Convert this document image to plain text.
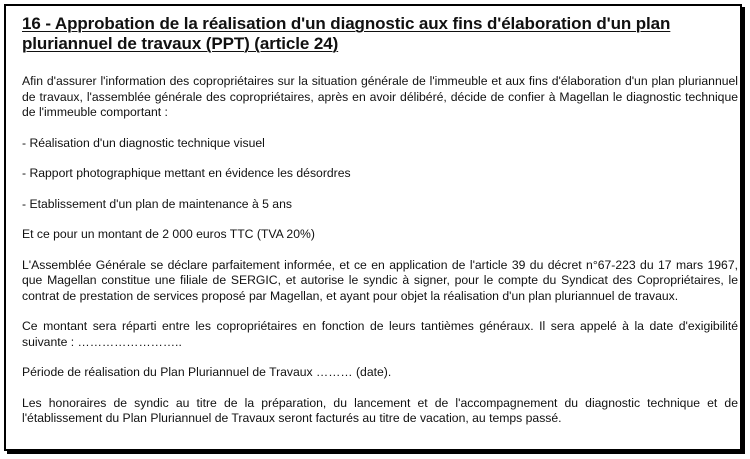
16 - Approbation de la réalisation d'un diagnostic aux fins d'élaboration d'un plan pluriannuel de travaux (PPT) (article 24)

Afin d'assurer l'information des copropriétaires sur la situation générale de l'immeuble et aux fins d'élaboration d'un plan pluriannuel de travaux, l'assemblée générale des copropriétaires, après en avoir délibéré, décide de confier à Magellan le diagnostic technique de l'immeuble comportant :

- Réalisation d'un diagnostic technique visuel

- Rapport photographique mettant en évidence les désordres

- Etablissement d'un plan de maintenance à 5 ans

Et ce pour un montant de 2 000 euros TTC (TVA 20%)

L'Assemblée Générale se déclare parfaitement informée, et ce en application de l'article 39 du décret n°67-223 du 17 mars 1967, que Magellan constitue une filiale de SERGIC, et autorise le syndic à signer, pour le compte du Syndicat des Copropriétaires, le contrat de prestation de services proposé par Magellan, et ayant pour objet la réalisation d'un plan pluriannuel de travaux.

Ce montant sera réparti entre les copropriétaires en fonction de leurs tantièmes généraux. Il sera appelé à la date d'exigibilité suivante : ……………………..

Période de réalisation du Plan Pluriannuel de Travaux ……… (date).

Les honoraires de syndic au titre de la préparation, du lancement et de l'accompagnement du diagnostic technique et de l'établissement du Plan Pluriannuel de Travaux seront facturés au titre de vacation, au temps passé.
